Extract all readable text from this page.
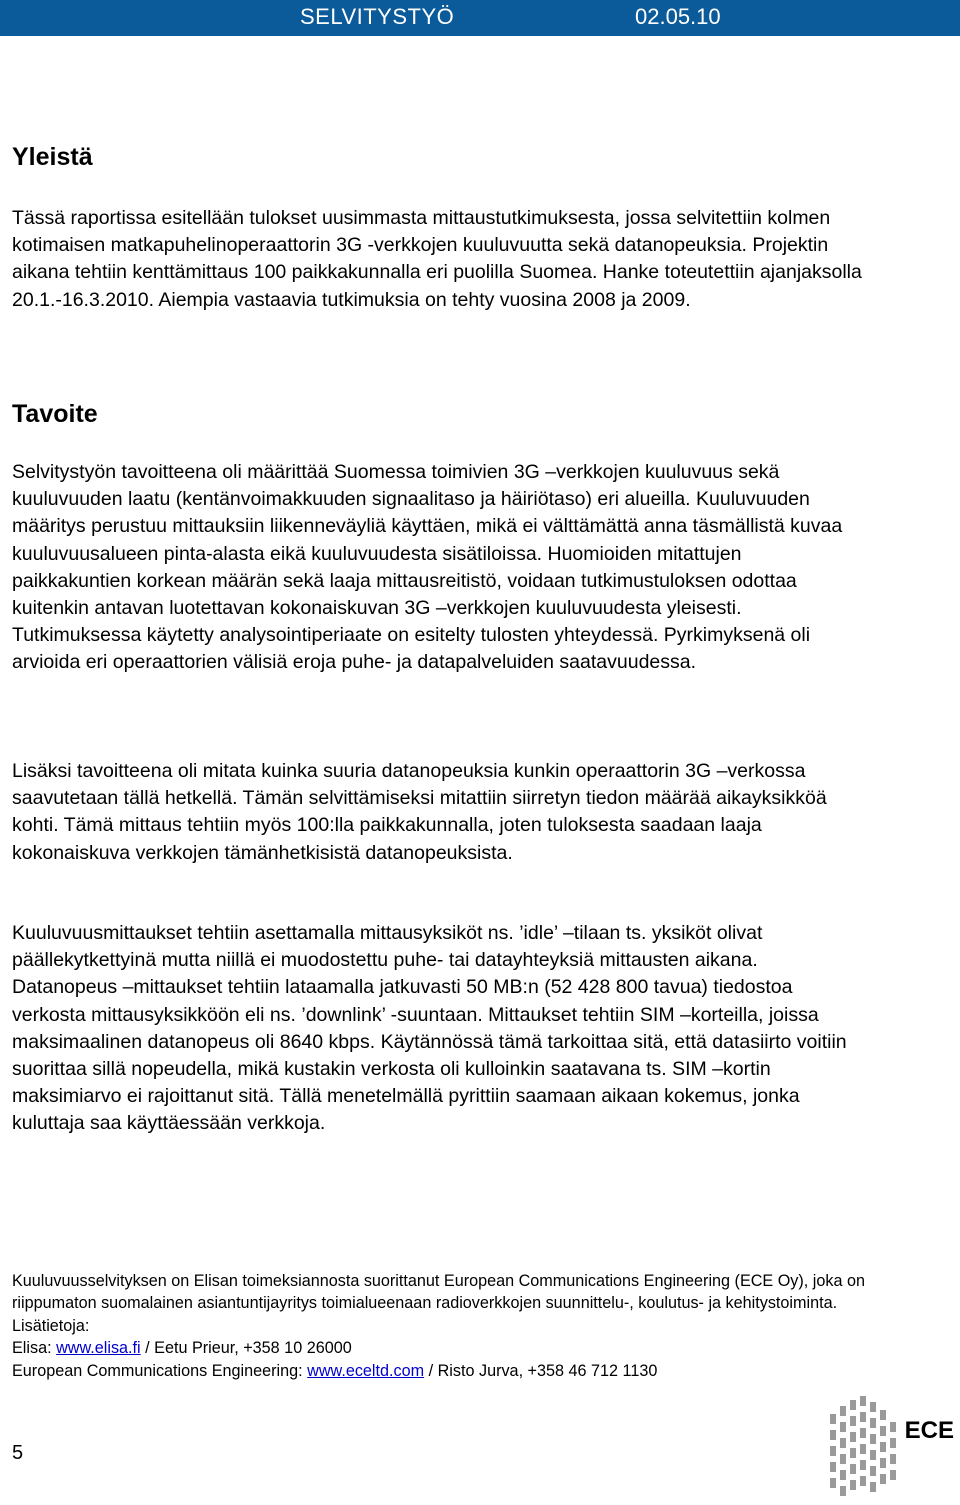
SELVITYSTYÖ	02.05.10
Yleistä

Tässä raportissa esitellään tulokset uusimmasta mittaustutkimuksesta, jossa selvitettiin kolmen kotimaisen matkapuhelinoperaattorin 3G -verkkojen kuuluvuutta sekä datanopeuksia. Projektin aikana tehtiin kenttämittaus 100 paikkakunnalla eri puolilla Suomea. Hanke toteutettiin ajanjaksolla 20.1.-16.3.2010. Aiempia vastaavia tutkimuksia on tehty vuosina 2008 ja 2009.

Tavoite

Selvitystyön tavoitteena oli määrittää Suomessa toimivien 3G –verkkojen kuuluvuus sekä kuuluvuuden laatu (kentänvoimakkuuden signaalitaso ja häiriötaso) eri alueilla. Kuuluvuuden määritys perustuu mittauksiin liikenneväyliä käyttäen, mikä ei välttämättä anna täsmällistä kuvaa kuuluvuusalueen pinta-alasta eikä kuuluvuudesta sisätiloissa. Huomioiden mitattujen paikkakuntien korkean määrän sekä laaja mittausreitistö, voidaan tutkimustuloksen odottaa kuitenkin antavan luotettavan kokonaiskuvan 3G –verkkojen kuuluvuudesta yleisesti. Tutkimuksessa käytetty analysointiperiaate on esitelty tulosten yhteydessä. Pyrkimyksenä oli arvioida eri operaattorien välisiä eroja puhe- ja datapalveluiden saatavuudessa.

Lisäksi tavoitteena oli mitata kuinka suuria datanopeuksia kunkin operaattorin 3G –verkossa saavutetaan tällä hetkellä. Tämän selvittämiseksi mitattiin siirretyn tiedon määrää aikayksikköä kohti. Tämä mittaus tehtiin myös 100:lla paikkakunnalla, joten tuloksesta saadaan laaja kokonaiskuva verkkojen tämänhetkisistä datanopeuksista.

Kuuluvuusmittaukset tehtiin asettamalla mittausyksiköt ns. ’idle’ –tilaan ts. yksiköt olivat päällekytkettyinä mutta niillä ei muodostettu puhe- tai datayhteyksiä mittausten aikana. Datanopeus –mittaukset tehtiin lataamalla jatkuvasti 50 MB:n (52 428 800 tavua) tiedostoa verkosta mittausyksikköön eli ns. ’downlink’ -suuntaan. Mittaukset tehtiin SIM –korteilla, joissa maksimaalinen datanopeus oli 8640 kbps. Käytännössä tämä tarkoittaa sitä, että datasiirto voitiin suorittaa sillä nopeudella, mikä kustakin verkosta oli kulloinkin saatavana ts. SIM –kortin maksimiarvo ei rajoittanut sitä. Tällä menetelmällä pyrittiin saamaan aikaan kokemus, jonka kuluttaja saa käyttäessään verkkoja.

Kuuluvuusselvityksen on Elisan toimeksiannosta suorittanut European Communications Engineering (ECE Oy), joka on riippumaton suomalainen asiantuntijayritys toimialueenaan radioverkkojen suunnittelu-, koulutus- ja kehitystoiminta. Lisätietoja:
Elisa: www.elisa.fi / Eetu Prieur, +358 10 26000
European Communications Engineering: www.eceltd.com / Risto Jurva, +358 46 712 1130
5
ECE
